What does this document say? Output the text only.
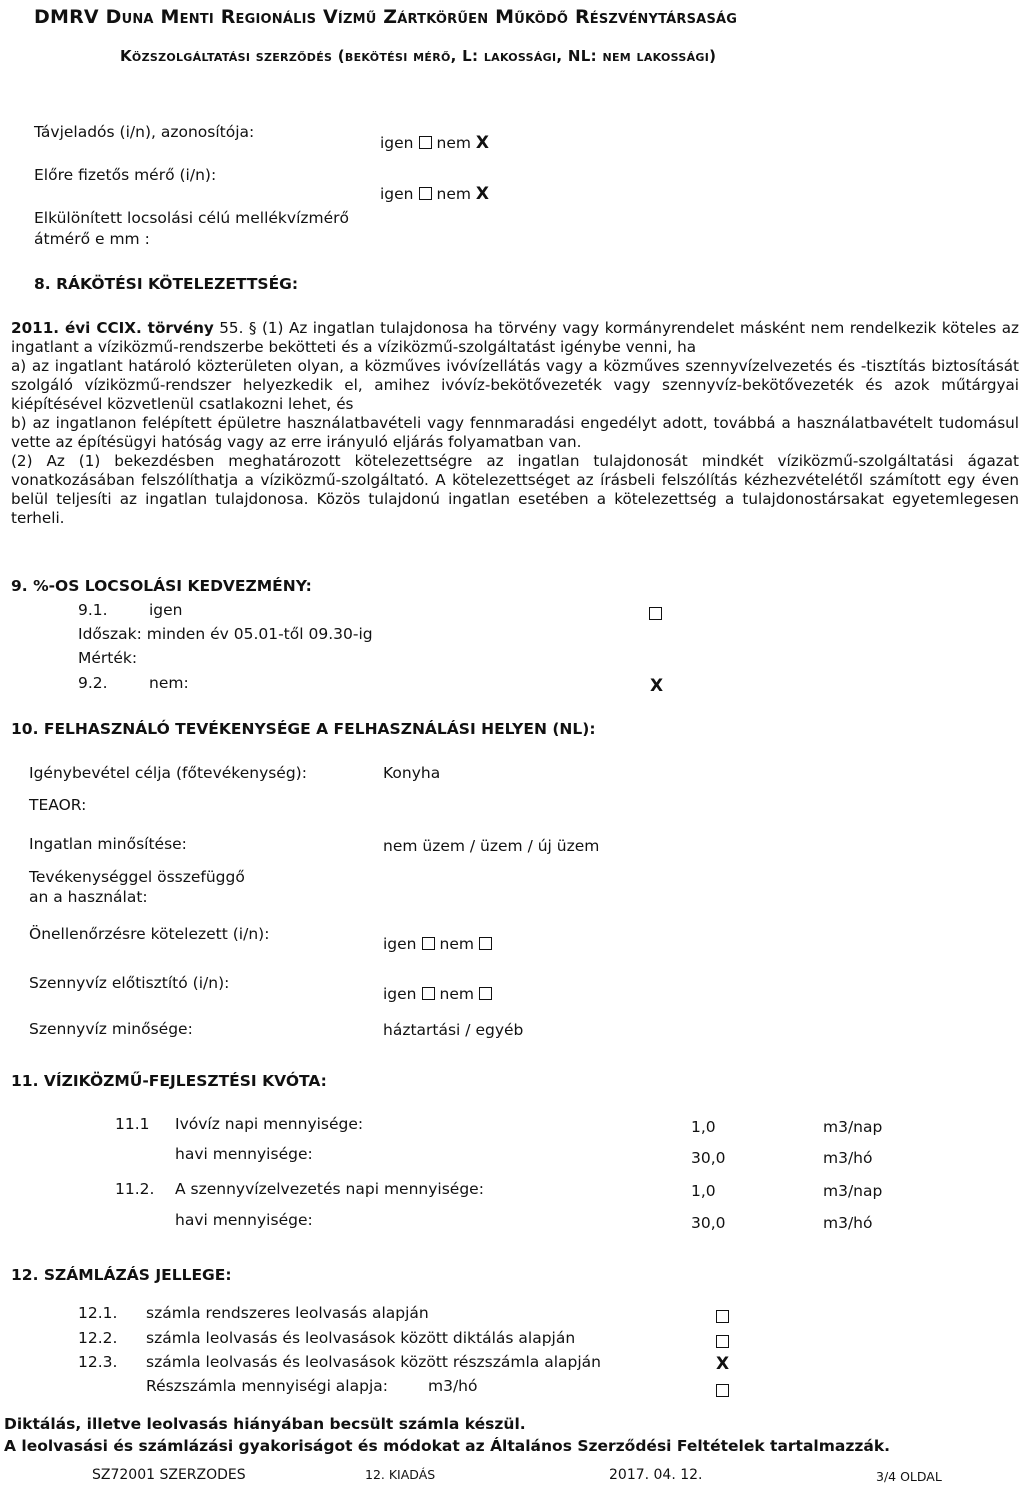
DMRV Duna Menti Regionális Vízmű Zártkörűen Működő Részvénytársaság
Közszolgáltatási szerződés (bekötési mérő, L: lakossági, NL: nem lakossági)
Távjeladós (i/n), azonosítója:
igen nem X
Előre fizetős mérő (i/n):
igen nem X
Elkülönített locsolási célú mellékvízmérő
átmérő e mm :
8. RÁKÖTÉSI KÖTELEZETTSÉG:

2011. évi CCIX. törvény 55. § (1) Az ingatlan tulajdonosa ha törvény vagy kormányrendelet másként nem rendelkezik köteles az ingatlant a víziközmű-rendszerbe bekötteti és a víziközmű-szolgáltatást igénybe venni, ha

a) az ingatlant határoló közterületen olyan, a közműves ivóvízellátás vagy a közműves szennyvízelvezetés és -tisztítás biztosítását szolgáló víziközmű-rendszer helyezkedik el, amihez ivóvíz-bekötővezeték vagy szennyvíz-bekötővezeték és azok műtárgyai kiépítésével közvetlenül csatlakozni lehet, és

b) az ingatlanon felépített épületre használatbavételi vagy fennmaradási engedélyt adott, továbbá a használatbavételt tudomásul vette az építésügyi hatóság vagy az erre irányuló eljárás folyamatban van.

(2) Az (1) bekezdésben meghatározott kötelezettségre az ingatlan tulajdonosát mindkét víziközmű-szolgáltatási ágazat vonatkozásában felszólíthatja a víziközmű-szolgáltató. A kötelezettséget az írásbeli felszólítás kézhezvételétől számított egy éven belül teljesíti az ingatlan tulajdonosa. Közös tulajdonú ingatlan esetében a kötelezettség a tulajdonostársakat egyetemlegesen terheli.

9. %-OS LOCSOLÁSI KEDVEZMÉNY:
9.1.	igen
Időszak: minden év 05.01-től 09.30-ig
Mérték:
9.2.	nem:	X
10. FELHASZNÁLÓ TEVÉKENYSÉGE A FELHASZNÁLÁSI HELYEN (NL):
Igénybevétel célja (főtevékenység):	Konyha
TEAOR:
Ingatlan minősítése:	nem üzem / üzem / új üzem
Tevékenységgel összefüggő
an a használat:
Önellenőrzésre kötelezett (i/n):
igen nem
Szennyvíz előtisztító (i/n):
igen nem
Szennyvíz minősége:	háztartási / egyéb
11. VÍZIKÖZMŰ-FEJLESZTÉSI KVÓTA:
11.1 Ivóvíz napi mennyisége:	1,0	m3/nap
havi mennyisége:	30,0	m3/hó
11.2. A szennyvízelvezetés napi mennyisége:	1,0	m3/nap
havi mennyisége:	30,0	m3/hó
12. SZÁMLÁZÁS JELLEGE:
12.1. számla rendszeres leolvasás alapján
12.2. számla leolvasás és leolvasások között diktálás alapján
12.3. számla leolvasás és leolvasások között részszámla alapján	X
Részszámla mennyiségi alapja:	m3/hó
Diktálás, illetve leolvasás hiányában becsült számla készül.
A leolvasási és számlázási gyakoriságot és módokat az Általános Szerződési Feltételek tartalmazzák.
SZ72001 SZERZODES	12. KIADÁS	2017. 04. 12.	3/4 OLDAL
